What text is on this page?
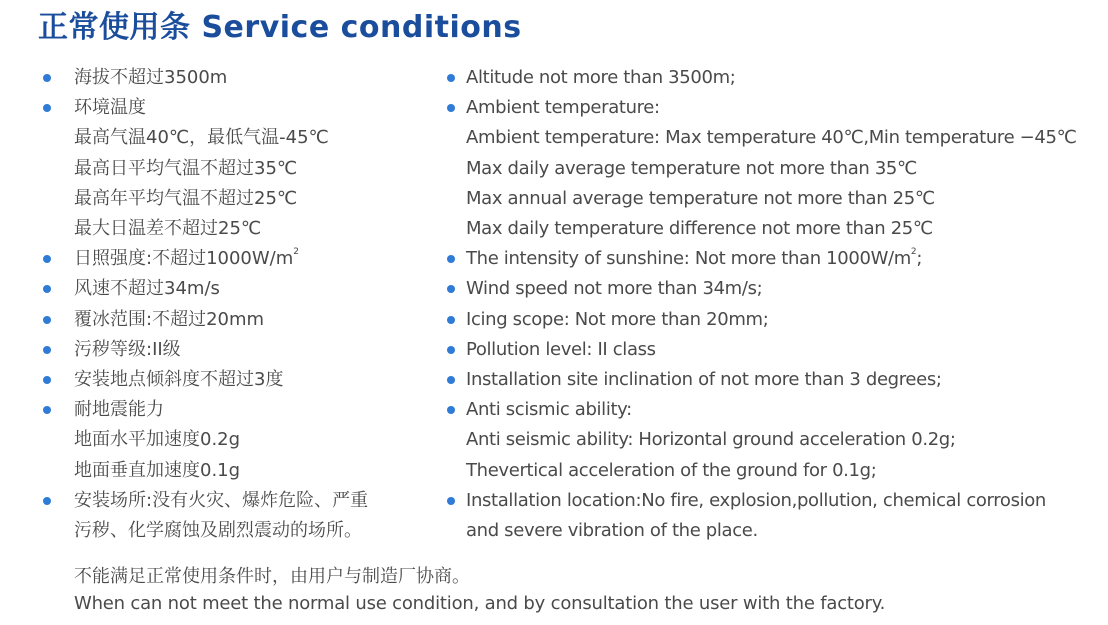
正常使用条 Service conditions
海拔不超过3500m
环境温度
最高气温40℃，最低气温-45℃
最高日平均气温不超过35℃
最高年平均气温不超过25℃
最大日温差不超过25℃
日照强度:不超过$1000W/m^2$
风速不超过34m/s
覆冰范围:不超过20mm
污秽等级:II级
安装地点倾斜度不超过3度
耐地震能力
地面水平加速度0.2g
地面垂直加速度0.1g
安装场所:没有火灾、爆炸危险、严重
污秽、化学腐蚀及剧烈震动的场所。
Altitude not more than 3500m;
Ambient temperature:
Ambient temperature: Max temperature 40℃,Min temperature −45℃
Max daily average temperature not more than 35℃
Max annual average temperature not more than 25℃
Max daily temperature difference not more than 25℃
The intensity of sunshine: Not more than $1000W/m^2$;
Wind speed not more than 34m/s;
Icing scope: Not more than 20mm;
Pollution level: II class
Installation site inclination of not more than 3 degrees;
Anti scismic ability:
Anti seismic ability: Horizontal ground acceleration 0.2g;
Thevertical acceleration of the ground for 0.1g;
Installation location:No fire, explosion,pollution, chemical corrosion
and severe vibration of the place.
不能满足正常使用条件时，由用户与制造厂协商。
When can not meet the normal use condition, and by consultation the user with the factory.
